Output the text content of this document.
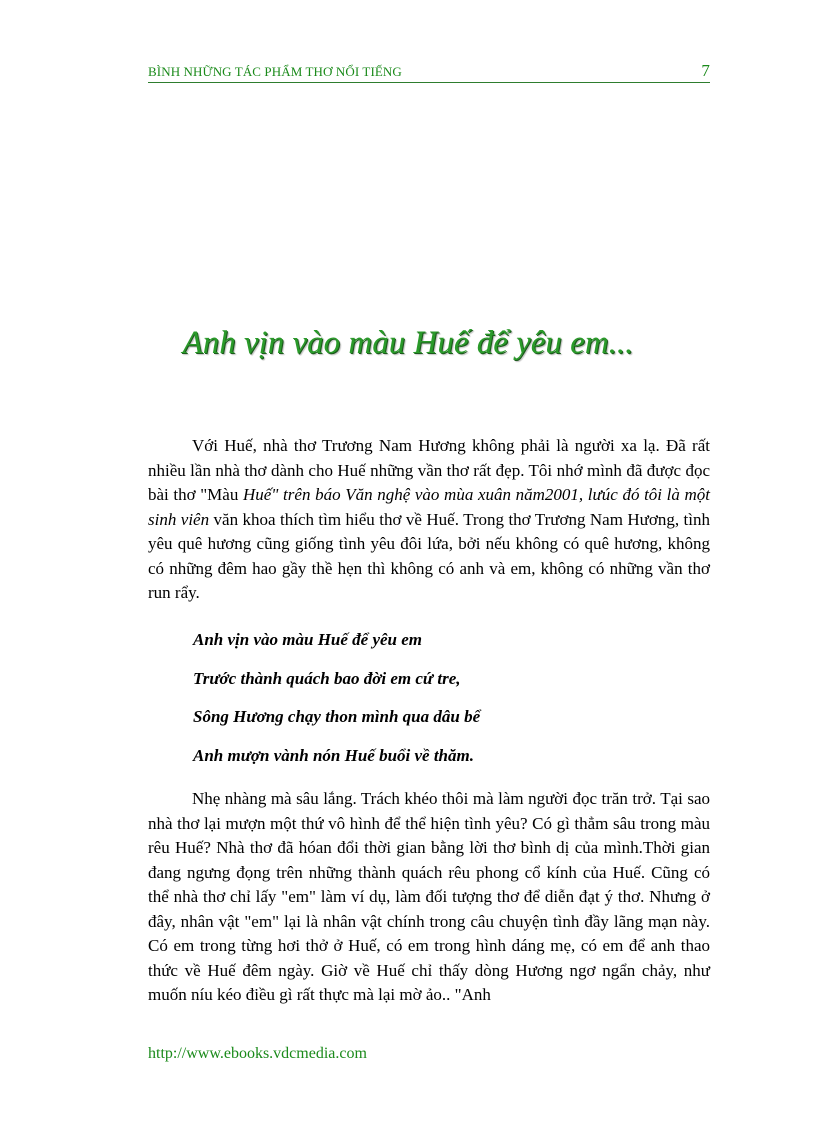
BÌNH NHỮNG TÁC PHẨM THƠ NỔI TIẾNG	7
Anh vịn vào màu Huế để yêu em...

Với Huế, nhà thơ Trương Nam Hương không phải là người xa lạ. Đã rất nhiều lần nhà thơ dành cho Huế những vần thơ rất đẹp. Tôi nhớ mình đã được đọc bài thơ "Màu Huế" trên báo Văn nghệ vào mùa xuân năm2001, lưúc đó tôi là một sinh viên văn khoa thích tìm hiểu thơ về Huế. Trong thơ Trương Nam Hương, tình yêu quê hương cũng giống tình yêu đôi lứa, bởi nếu không có quê hương, không có những đêm hao gầy thề hẹn thì không có anh và em, không có những vần thơ run rẩy.

Anh vịn vào màu Huế để yêu em
Trước thành quách bao đời em cứ tre,
Sông Hương chạy thon mình qua dâu bể
Anh mượn vành nón Huế buổi về thăm.

Nhẹ nhàng mà sâu lắng. Trách khéo thôi mà làm người đọc trăn trở. Tại sao nhà thơ lại mượn một thứ vô hình để thể hiện tình yêu? Có gì thẳm sâu trong màu rêu Huế? Nhà thơ đã hóan đổi thời gian bằng lời thơ bình dị của mình.Thời gian đang ngưng đọng trên những thành quách rêu phong cổ kính của Huế. Cũng có thể nhà thơ chỉ lấy "em" làm ví dụ, làm đối tượng thơ để diễn đạt ý thơ. Nhưng ở đây, nhân vật "em" lại là nhân vật chính trong câu chuyện tình đầy lãng mạn này. Có em trong từng hơi thở ở Huế, có em trong hình dáng mẹ, có em để anh thao thức về Huế đêm ngày. Giờ về Huế chỉ thấy dòng Hương ngơ ngẩn chảy, như muốn níu kéo điều gì rất thực mà lại mờ ảo.. "Anh

http://www.ebooks.vdcmedia.com
